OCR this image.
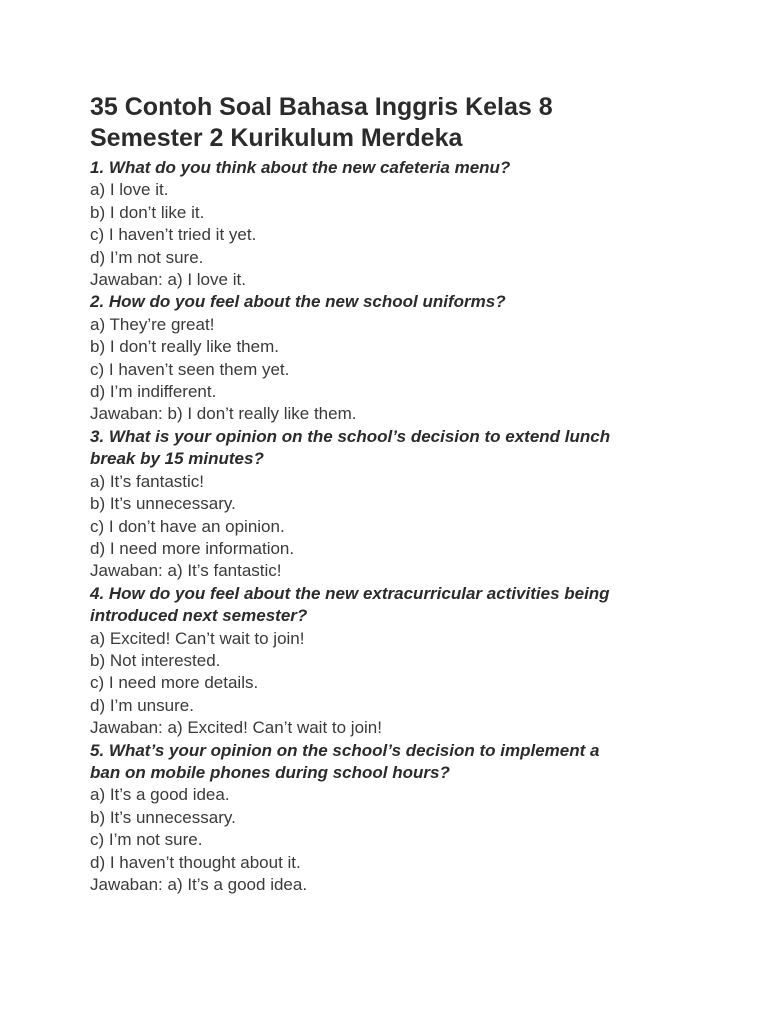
35 Contoh Soal Bahasa Inggris Kelas 8
Semester 2 Kurikulum Merdeka
1. What do you think about the new cafeteria menu?
a) I love it.
b) I don’t like it.
c) I haven’t tried it yet.
d) I’m not sure.
Jawaban: a) I love it.
2. How do you feel about the new school uniforms?
a) They’re great!
b) I don’t really like them.
c) I haven’t seen them yet.
d) I’m indifferent.
Jawaban: b) I don’t really like them.
3. What is your opinion on the school’s decision to extend lunch
break by 15 minutes?
a) It’s fantastic!
b) It’s unnecessary.
c) I don’t have an opinion.
d) I need more information.
Jawaban: a) It’s fantastic!
4. How do you feel about the new extracurricular activities being
introduced next semester?
a) Excited! Can’t wait to join!
b) Not interested.
c) I need more details.
d) I’m unsure.
Jawaban: a) Excited! Can’t wait to join!
5. What’s your opinion on the school’s decision to implement a
ban on mobile phones during school hours?
a) It’s a good idea.
b) It’s unnecessary.
c) I’m not sure.
d) I haven’t thought about it.
Jawaban: a) It’s a good idea.
